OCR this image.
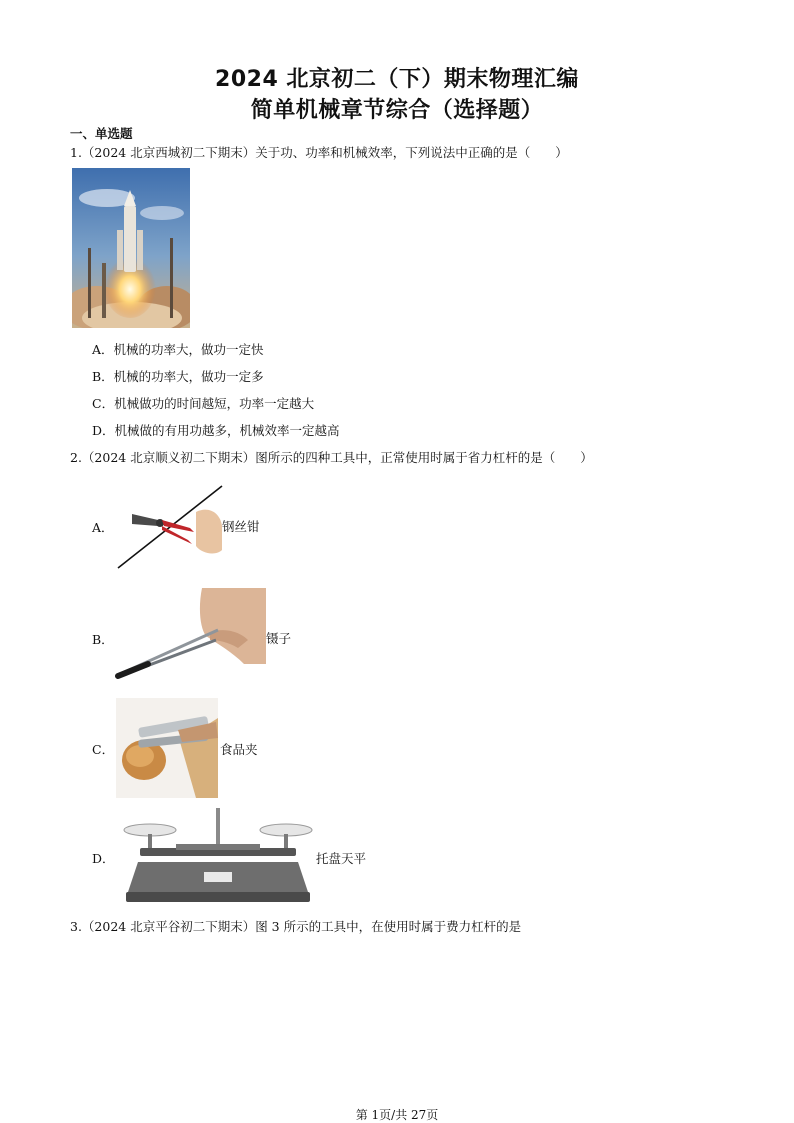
2024 北京初二（下）期末物理汇编
简单机械章节综合（选择题）
一、单选题
1.（2024 北京西城初二下期末）关于功、功率和机械效率，下列说法中正确的是（　　）
A．机械的功率大，做功一定快
B．机械的功率大，做功一定多
C．机械做功的时间越短，功率一定越大
D．机械做的有用功越多，机械效率一定越高
2.（2024 北京顺义初二下期末）图所示的四种工具中，正常使用时属于省力杠杆的是（　　）
A．	钢丝钳
B．	镊子
C．	食品夹
D．	托盘天平
3.（2024 北京平谷初二下期末）图 3 所示的工具中，在使用时属于费力杠杆的是
第 1页/共 27页
